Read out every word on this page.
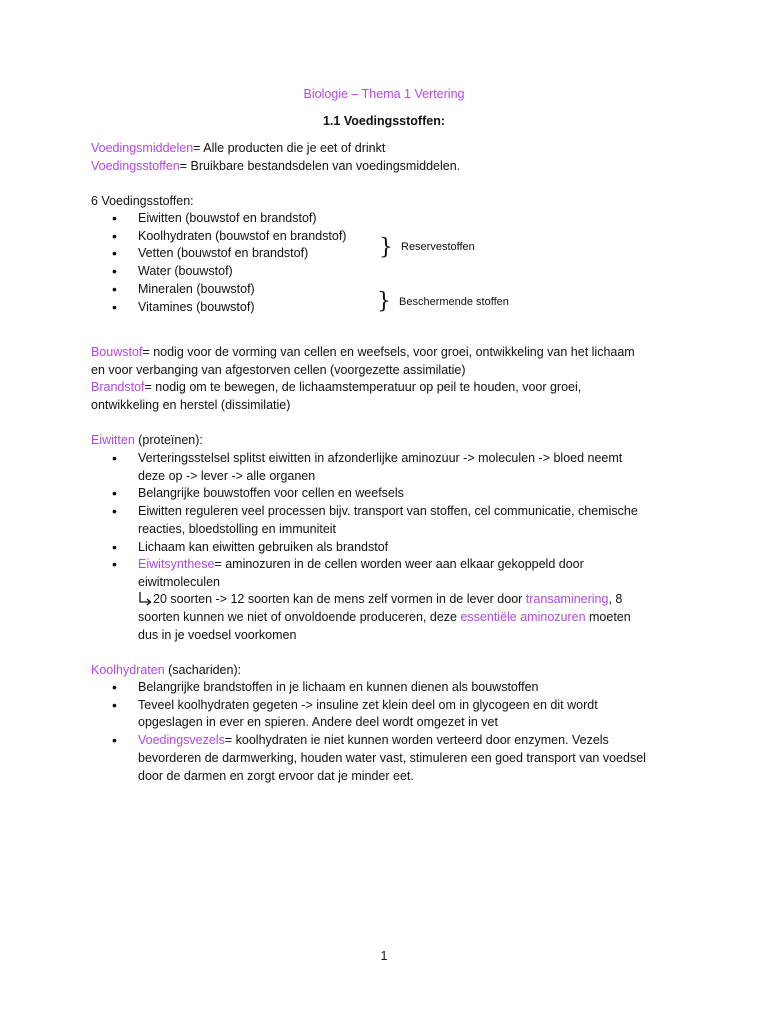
Biologie – Thema 1 Vertering
1.1 Voedingsstoffen:
Voedingsmiddelen= Alle producten die je eet of drinkt
Voedingsstoffen= Bruikbare bestandsdelen van voedingsmiddelen.
6 Voedingsstoffen:
• Eiwitten (bouwstof en brandstof)
• Koolhydraten (bouwstof en brandstof)
• Vetten (bouwstof en brandstof)
• Water (bouwstof)
• Mineralen (bouwstof)
• Vitamines (bouwstof)
} Reservestoffen
} Beschermende stoffen
Bouwstof= nodig voor de vorming van cellen en weefsels, voor groei, ontwikkeling van het lichaam
en voor verbanging van afgestorven cellen (voorgezette assimilatie)
Brandstof= nodig om te bewegen, de lichaamstemperatuur op peil te houden, voor groei,
ontwikkeling en herstel (dissimilatie)
Eiwitten (proteïnen):
• Verteringsstelsel splitst eiwitten in afzonderlijke aminozuur -> moleculen -> bloed neemt
deze op -> lever -> alle organen
• Belangrijke bouwstoffen voor cellen en weefsels
• Eiwitten reguleren veel processen bijv. transport van stoffen, cel communicatie, chemische
reacties, bloedstolling en immuniteit
• Lichaam kan eiwitten gebruiken als brandstof
• Eiwitsynthese= aminozuren in de cellen worden weer aan elkaar gekoppeld door
eiwitmoleculen
20 soorten -> 12 soorten kan de mens zelf vormen in de lever door transaminering, 8
soorten kunnen we niet of onvoldoende produceren, deze essentiële aminozuren moeten
dus in je voedsel voorkomen
Koolhydraten (sachariden):
• Belangrijke brandstoffen in je lichaam en kunnen dienen als bouwstoffen
• Teveel koolhydraten gegeten -> insuline zet klein deel om in glycogeen en dit wordt
opgeslagen in ever en spieren. Andere deel wordt omgezet in vet
• Voedingsvezels= koolhydraten ie niet kunnen worden verteerd door enzymen. Vezels
bevorderen de darmwerking, houden water vast, stimuleren een goed transport van voedsel
door de darmen en zorgt ervoor dat je minder eet.
1
